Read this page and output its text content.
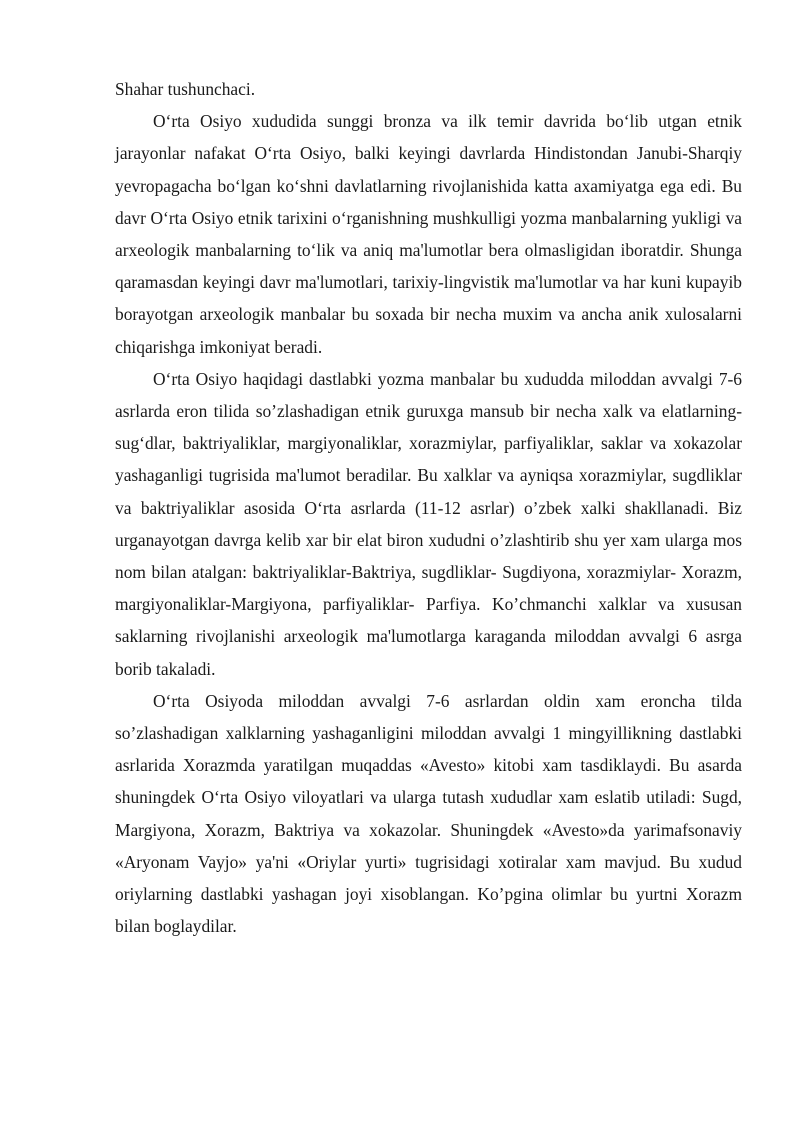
Shahar tushunchaci.

O‘rta Osiyo xududida sunggi bronza va ilk temir davrida bo‘lib utgan etnik jarayonlar nafakat O‘rta Osiyo, balki keyingi davrlarda Hindistondan Janubi-Sharqiy yevropagacha bo‘lgan ko‘shni davlatlarning rivojlanishida katta axamiyatga ega edi. Bu davr O‘rta Osiyo etnik tarixini o‘rganishning mushkulligi yozma manbalarning yukligi va arxeologik manbalarning to‘lik va aniq ma'lumotlar bera olmasligidan iboratdir. Shunga qaramasdan keyingi davr ma'lumotlari, tarixiy-lingvistik ma'lumotlar va har kuni kupayib borayotgan arxeologik manbalar bu soxada bir necha muxim va ancha anik xulosalarni chiqarishga imkoniyat beradi.

O‘rta Osiyo haqidagi dastlabki yozma manbalar bu xududda miloddan avvalgi 7-6 asrlarda eron tilida so’zlashadigan etnik guruxga mansub bir necha xalk va elatlarning-sug‘dlar, baktriyaliklar, margiyonaliklar, xorazmiylar, parfiyaliklar, saklar va xokazolar yashaganligi tugrisida ma'lumot beradilar. Bu xalklar va ayniqsa xorazmiylar, sugdliklar va baktriyaliklar asosida O‘rta asrlarda (11-12 asrlar) o’zbek xalki shakllanadi. Biz urganayotgan davrga kelib xar bir elat biron xududni o’zlashtirib shu yer xam ularga mos nom bilan atalgan: baktriyaliklar-Baktriya, sugdliklar- Sugdiyona, xorazmiylar- Xorazm, margiyonaliklar-Margiyona, parfiyaliklar- Parfiya. Ko’chmanchi xalklar va xususan saklarning rivojlanishi arxeologik ma'lumotlarga karaganda miloddan avvalgi 6 asrga borib takaladi.

O‘rta Osiyoda miloddan avvalgi 7-6 asrlardan oldin xam eroncha tilda so’zlashadigan xalklarning yashaganligini miloddan avvalgi 1 mingyillikning dastlabki asrlarida Xorazmda yaratilgan muqaddas «Avesto» kitobi xam tasdiklaydi. Bu asarda shuningdek O‘rta Osiyo viloyatlari va ularga tutash xududlar xam eslatib utiladi: Sugd, Margiyona, Xorazm, Baktriya va xokazolar. Shuningdek «Avesto»da yarimafsonaviy «Aryonam Vayjo» ya'ni «Oriylar yurti» tugrisidagi xotiralar xam mavjud. Bu xudud oriylarning dastlabki yashagan joyi xisoblangan. Ko’pgina olimlar bu yurtni Xorazm bilan boglaydilar.
